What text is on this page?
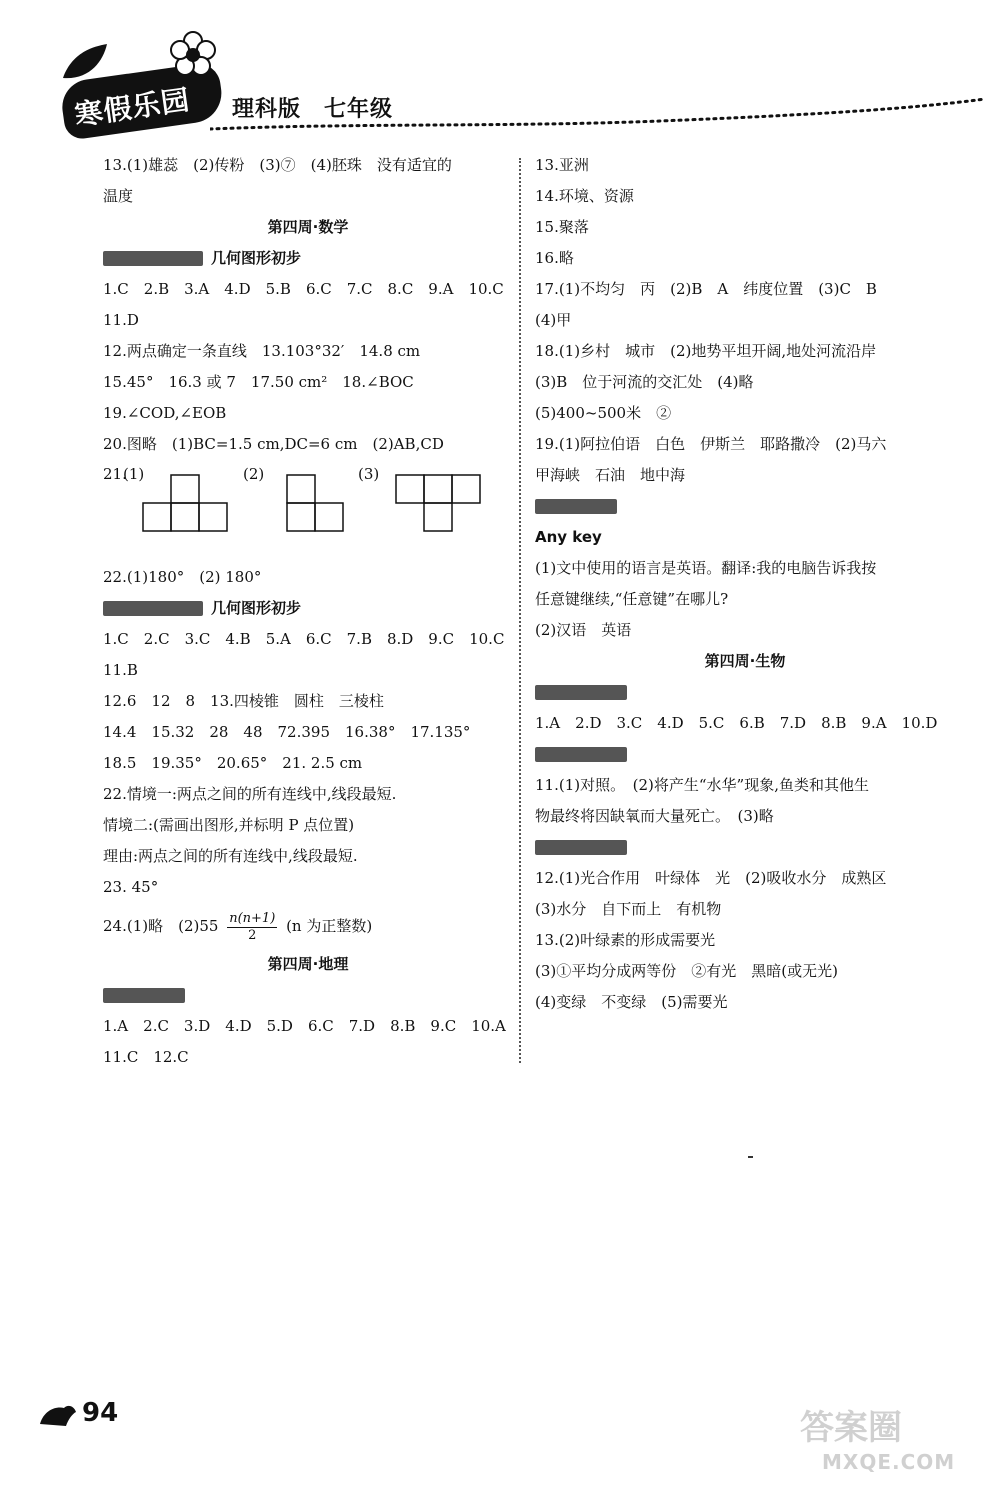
寒假乐园	理科版　七年级
13.(1)雄蕊　(2)传粉　(3)⑦　(4)胚珠　没有适宜的
温度
第四周·数学
几何图形初步
1.C　2.B　3.A　4.D　5.B　6.C　7.C　8.C　9.A　10.C
11.D
12.两点确定一条直线　13.103°32′　14.8 cm
15.45°　16.3 或 7　17.50 cm²　18.∠BOC
19.∠COD,∠EOB
20.图略　(1)BC=1.5 cm,DC=6 cm　(2)AB,CD
21.
(1)	(2)	(3)
22.(1)180°　(2) 180°
几何图形初步
1.C　2.C　3.C　4.B　5.A　6.C　7.B　8.D　9.C　10.C
11.B
12.6　12　8　13.四棱锥　圆柱　三棱柱
14.4　15.32　28　48　72.395　16.38°　17.135°
18.5　19.35°　20.65°　21. 2.5 cm
22.情境一:两点之间的所有连线中,线段最短.
情境二:(需画出图形,并标明 P 点位置)
理由:两点之间的所有连线中,线段最短.
23. 45°
24.(1)略　$(2)55 \frac{n(n+1)}{2} (n$ 为正整数)
第四周·地理
1.A　2.C　3.D　4.D　5.D　6.C　7.D　8.B　9.C　10.A
11.C　12.C
13.亚洲
14.环境、资源
15.聚落
16.略
17.(1)不均匀　丙　(2)B　A　纬度位置　(3)C　B
(4)甲
18.(1)乡村　城市　(2)地势平坦开阔,地处河流沿岸
(3)B　位于河流的交汇处　(4)略
(5)400~500米　②
19.(1)阿拉伯语　白色　伊斯兰　耶路撒冷　(2)马六
甲海峡　石油　地中海
Any key
(1)文中使用的语言是英语。翻译:我的电脑告诉我按
任意键继续,“任意键”在哪儿?
(2)汉语　英语
第四周·生物
1.A　2.D　3.C　4.D　5.C　6.B　7.D　8.B　9.A　10.D
11.(1)对照。　(2)将产生“水华”现象,鱼类和其他生
物最终将因缺氧而大量死亡。　(3)略
12.(1)光合作用　叶绿体　光　(2)吸收水分　成熟区
(3)水分　自下而上　有机物
13.(2)叶绿素的形成需要光
(3)①平均分成两等份　②有光　黑暗(或无光)
(4)变绿　不变绿　(5)需要光
94	答案圈
MXQE.COM
